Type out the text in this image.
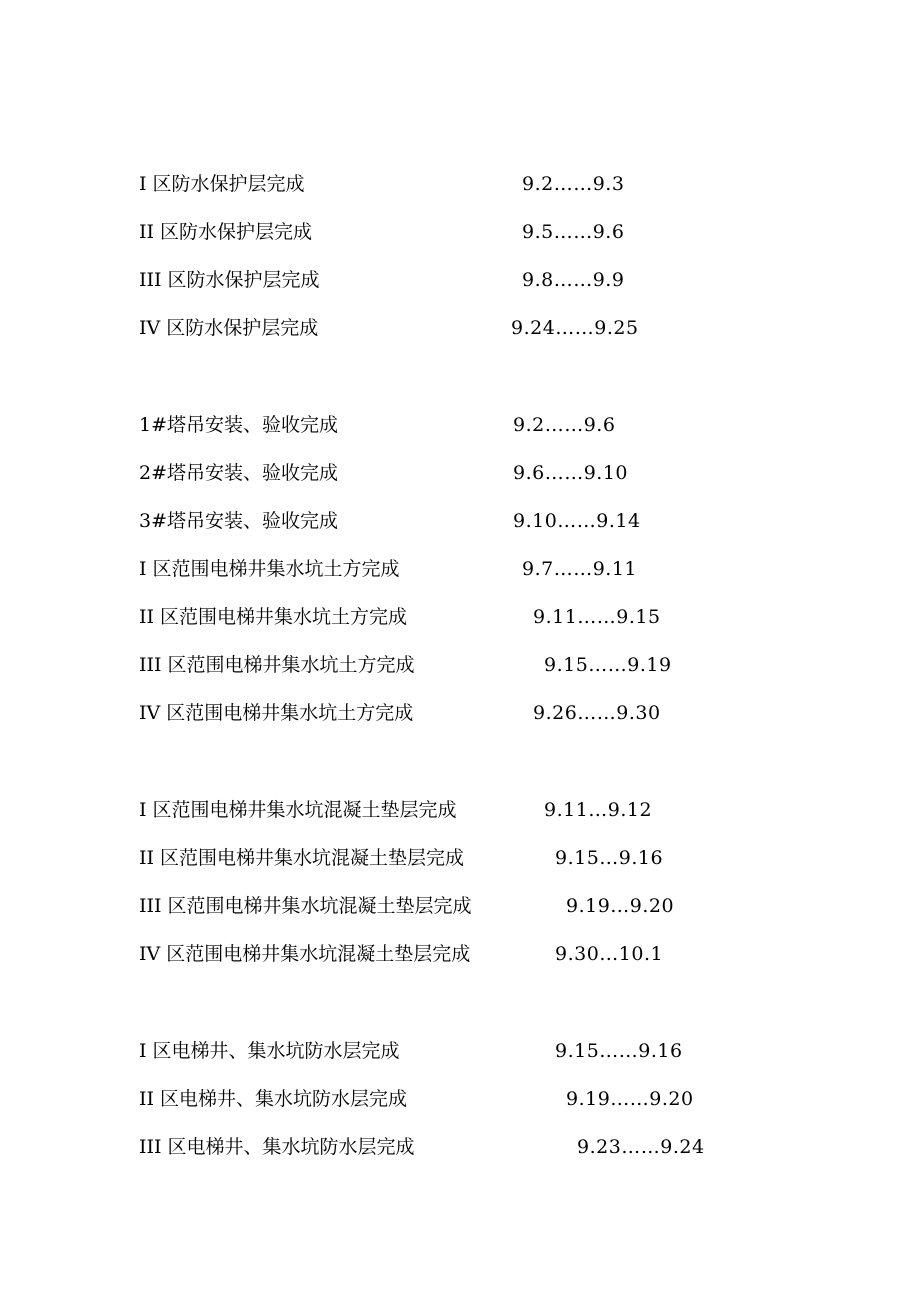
I 区防水保护层完成	9.2……9.3
II 区防水保护层完成	9.5……9.6
III 区防水保护层完成	9.8……9.9
IV 区防水保护层完成	9.24……9.25
1#塔吊安装、验收完成	9.2……9.6
2#塔吊安装、验收完成	9.6……9.10
3#塔吊安装、验收完成	9.10……9.14
I 区范围电梯井集水坑土方完成	9.7……9.11
II 区范围电梯井集水坑土方完成	9.11……9.15
III 区范围电梯井集水坑土方完成	9.15……9.19
IV 区范围电梯井集水坑土方完成	9.26……9.30
I 区范围电梯井集水坑混凝土垫层完成	9.11…9.12
II 区范围电梯井集水坑混凝土垫层完成	9.15…9.16
III 区范围电梯井集水坑混凝土垫层完成	9.19…9.20
IV 区范围电梯井集水坑混凝土垫层完成	9.30…10.1
I 区电梯井、集水坑防水层完成	9.15……9.16
II 区电梯井、集水坑防水层完成	9.19……9.20
III 区电梯井、集水坑防水层完成	9.23……9.24
